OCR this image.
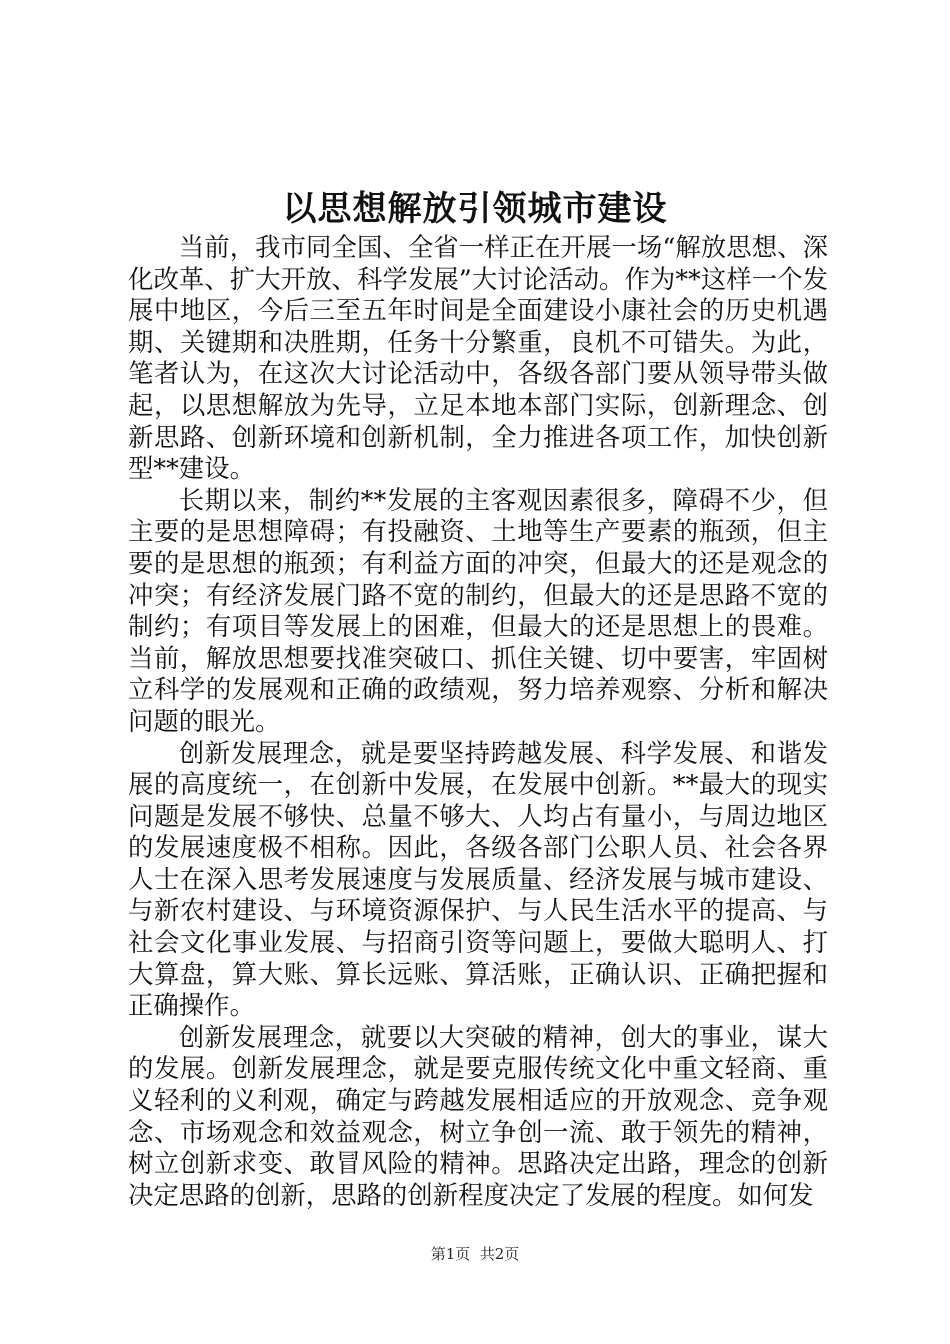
以思想解放引领城市建设

当前，我市同全国、全省一样正在开展一场“解放思想、深化改革、扩大开放、科学发展”大讨论活动。作为**这样一个发展中地区，今后三至五年时间是全面建设小康社会的历史机遇期、关键期和决胜期，任务十分繁重，良机不可错失。为此，笔者认为，在这次大讨论活动中，各级各部门要从领导带头做起，以思想解放为先导，立足本地本部门实际，创新理念、创新思路、创新环境和创新机制，全力推进各项工作，加快创新型**建设。

长期以来，制约**发展的主客观因素很多，障碍不少，但主要的是思想障碍；有投融资、土地等生产要素的瓶颈，但主要的是思想的瓶颈；有利益方面的冲突，但最大的还是观念的冲突；有经济发展门路不宽的制约，但最大的还是思路不宽的制约；有项目等发展上的困难，但最大的还是思想上的畏难。当前，解放思想要找准突破口、抓住关键、切中要害，牢固树立科学的发展观和正确的政绩观，努力培养观察、分析和解决问题的眼光。

创新发展理念，就是要坚持跨越发展、科学发展、和谐发展的高度统一，在创新中发展，在发展中创新。**最大的现实问题是发展不够快、总量不够大、人均占有量小，与周边地区的发展速度极不相称。因此，各级各部门公职人员、社会各界人士在深入思考发展速度与发展质量、经济发展与城市建设、与新农村建设、与环境资源保护、与人民生活水平的提高、与社会文化事业发展、与招商引资等问题上，要做大聪明人、打大算盘，算大账、算长远账、算活账，正确认识、正确把握和正确操作。

创新发展理念，就要以大突破的精神，创大的事业，谋大的发展。创新发展理念，就是要克服传统文化中重文轻商、重义轻利的义利观，确定与跨越发展相适应的开放观念、竞争观念、市场观念和效益观念，树立争创一流、敢于领先的精神，树立创新求变、敢冒风险的精神。思路决定出路，理念的创新决定思路的创新，思路的创新程度决定了发展的程度。如何发

第1页  共2页
